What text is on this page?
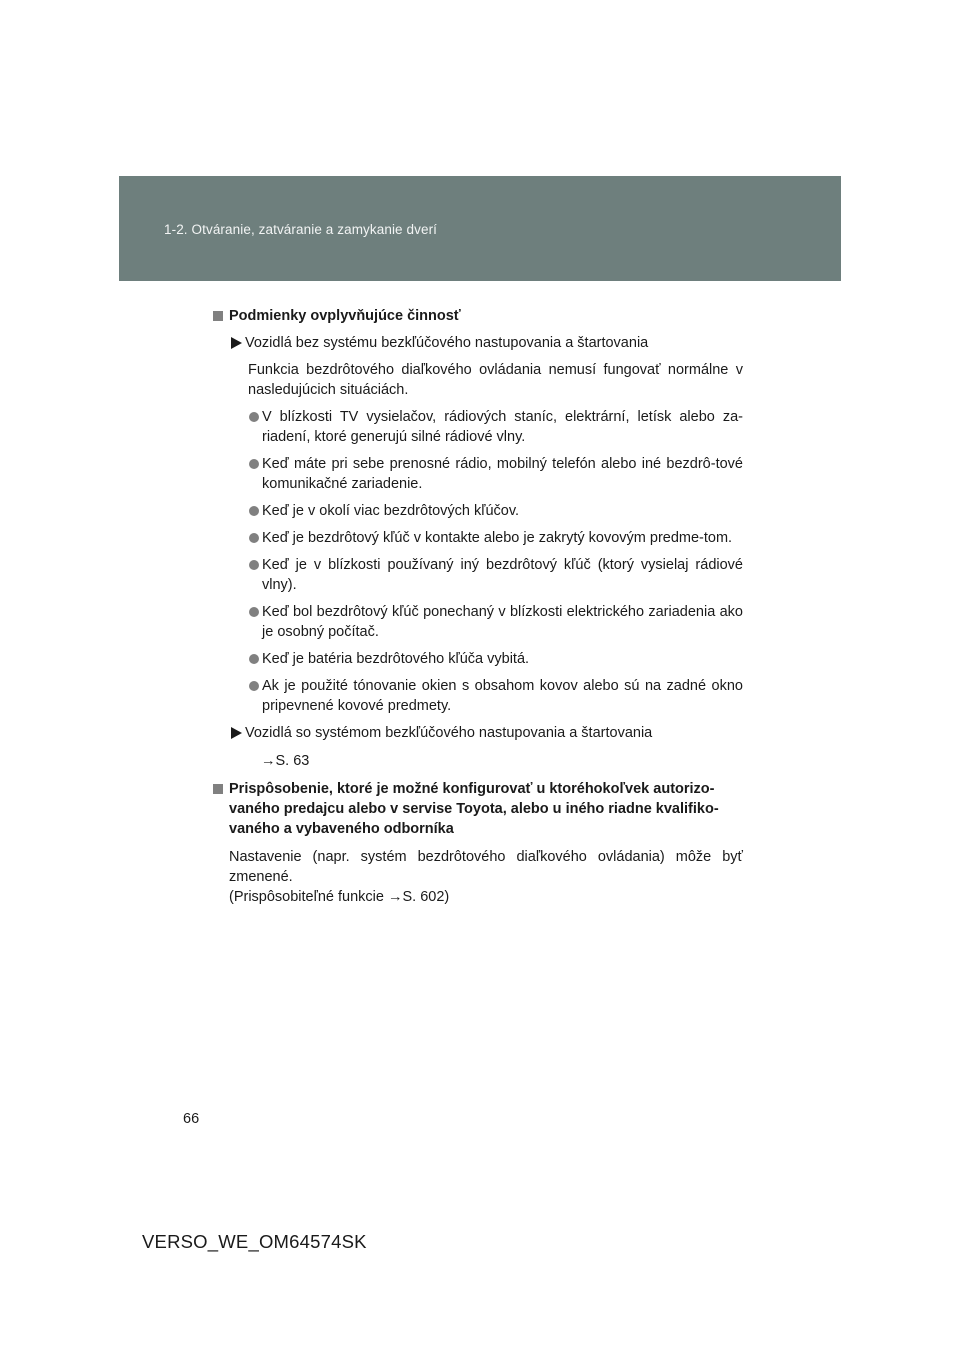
1-2. Otváranie, zatváranie a zamykanie dverí

Podmienky ovplyvňujúce činnosť

Vozidlá bez systému bezkľúčového nastupovania a štartovania
Funkcia bezdrôtového diaľkového ovládania nemusí fungovať normálne v nasledujúcich situáciách.
V blízkosti TV vysielačov, rádiových staníc, elektrární, letísk alebo za-riadení, ktoré generujú silné rádiové vlny.
Keď máte pri sebe prenosné rádio, mobilný telefón alebo iné bezdrô-tové komunikačné zariadenie.
Keď je v okolí viac bezdrôtových kľúčov.
Keď je bezdrôtový kľúč v kontakte alebo je zakrytý kovovým predme-tom.
Keď je v blízkosti používaný iný bezdrôtový kľúč (ktorý vysielaj rádiové vlny).
Keď bol bezdrôtový kľúč ponechaný v blízkosti elektrického zariadenia ako je osobný počítač.
Keď je batéria bezdrôtového kľúča vybitá.
Ak je použité tónovanie okien s obsahom kovov alebo sú na zadné okno pripevnené kovové predmety.
Vozidlá so systémom bezkľúčového nastupovania a štartovania
→S. 63

Prispôsobenie, ktoré je možné konfigurovať u ktoréhokoľvek autorizo-vaného predajcu alebo v servise Toyota, alebo u iného riadne kvalifiko-vaného a vybaveného odborníka

Nastavenie (napr. systém bezdrôtového diaľkového ovládania) môže byť zmenené.
(Prispôsobiteľné funkcie →S. 602)
66
VERSO_WE_OM64574SK
